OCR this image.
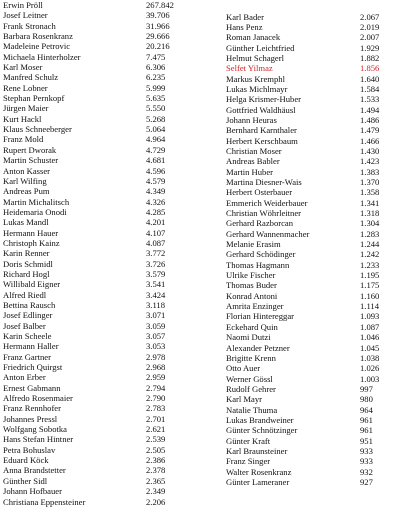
Erwin Pröll	267.842
Josef Leitner	39.706
Frank Stronach	31.966
Barbara Rosenkranz	29.666
Madeleine Petrovic	20.216
Michaela Hinterholzer	7.475
Karl Moser	6.306
Manfred Schulz	6.235
Rene Lobner	5.999
Stephan Pernkopf	5.635
Jürgen Maier	5.550
Kurt Hackl	5.268
Klaus Schneeberger	5.064
Franz Mold	4.964
Rupert Dworak	4.729
Martin Schuster	4.681
Anton Kasser	4.596
Karl Wilfing	4.579
Andreas Pum	4.349
Martin Michalitsch	4.326
Heidemaria Onodi	4.285
Lukas Mandl	4.201
Hermann Hauer	4.107
Christoph Kainz	4.087
Karin Renner	3.772
Doris Schmidl	3.726
Richard Hogl	3.579
Willibald Eigner	3.541
Alfred Riedl	3.424
Bettina Rausch	3.118
Josef Edlinger	3.071
Josef Balber	3.059
Karin Scheele	3.057
Hermann Haller	3.053
Franz Gartner	2.978
Friedrich Quirgst	2.968
Anton Erber	2.959
Ernest Gabmann	2.794
Alfredo Rosenmaier	2.790
Franz Rennhofer	2.783
Johannes Pressl	2.701
Wolfgang Sobotka	2.621
Hans Stefan Hintner	2.539
Petra Bohuslav	2.505
Eduard Köck	2.386
Anna Brandstetter	2.378
Günther Sidl	2.365
Johann Hofbauer	2.349
Christiana Eppensteiner	2.206
Karl Bader	2.067
Hans Penz	2.019
Roman Janacek	2.007
Günther Leichtfried	1.929
Helmut Schagerl	1.882
Selfet Yilmaz	1.856
Markus Kremphl	1.640
Lukas Michlmayr	1.584
Helga Krismer-Huber	1.533
Gottfried Waldhäusl	1.494
Johann Heuras	1.486
Bernhard Karnthaler	1.479
Herbert Kerschbaum	1.466
Christian Moser	1.430
Andreas Babler	1.423
Martin Huber	1.383
Martina Diesner-Wais	1.370
Herbert Osterbauer	1.358
Emmerich Weiderbauer	1.341
Christian Wöhrleitner	1.318
Gerhard Razborcan	1.304
Gerhard Wannenmacher	1.283
Melanie Erasim	1.244
Gerhard Schödinger	1.242
Thomas Hagmann	1.233
Ulrike Fischer	1.195
Thomas Buder	1.175
Konrad Antoni	1.160
Amrita Enzinger	1.114
Florian Hintereggar	1.093
Eckehard Quin	1.087
Naomi Dutzi	1.046
Alexander Petzner	1.045
Brigitte Krenn	1.038
Otto Auer	1.026
Werner Gössl	1.003
Rudolf Gehrer	997
Karl Mayr	980
Natalie Thuma	964
Lukas Brandweiner	961
Günter Schnötzinger	961
Günter Kraft	951
Karl Braunsteiner	933
Franz Singer	933
Walter Rosenkranz	932
Günter Lameraner	927
